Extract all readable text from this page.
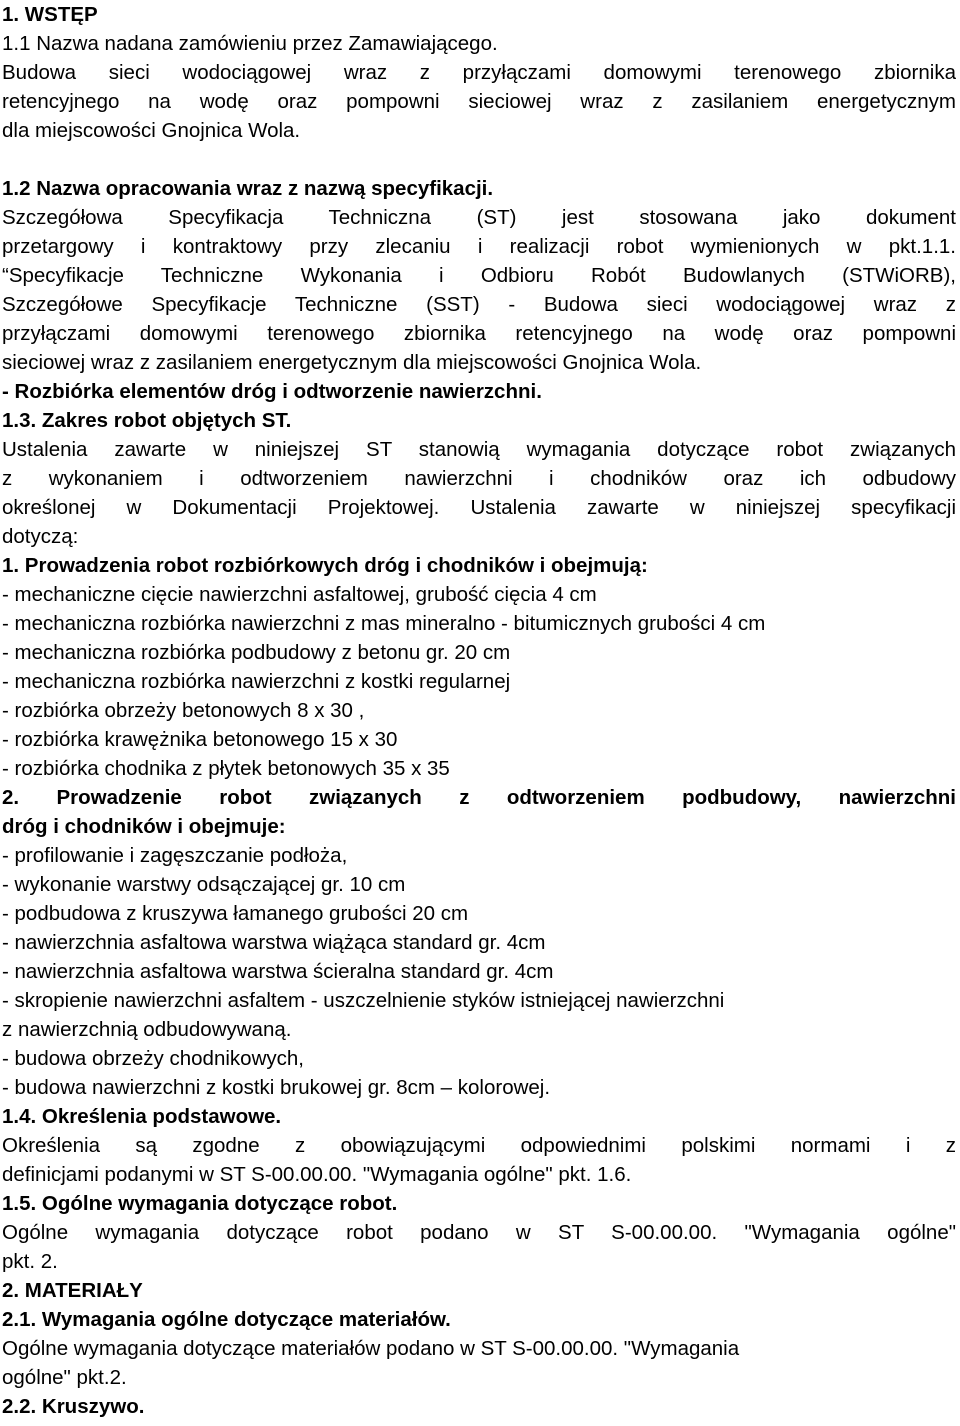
1. WSTĘP
1.1 Nazwa nadana zamówieniu przez Zamawiającego.
Budowa sieci wodociągowej wraz z przyłączami domowymi terenowego zbiornika
retencyjnego na wodę oraz pompowni sieciowej wraz z zasilaniem energetycznym
dla miejscowości Gnojnica Wola.
1.2 Nazwa opracowania wraz z nazwą specyfikacji.
Szczegółowa Specyfikacja Techniczna (ST) jest stosowana jako dokument
przetargowy i kontraktowy przy zlecaniu i realizacji robot wymienionych w pkt.1.1.
“Specyfikacje Techniczne Wykonania i Odbioru Robót Budowlanych (STWiORB),
Szczegółowe Specyfikacje Techniczne (SST) - Budowa sieci wodociągowej wraz z
przyłączami domowymi terenowego zbiornika retencyjnego na wodę oraz pompowni
sieciowej wraz z zasilaniem energetycznym dla miejscowości Gnojnica Wola.
- Rozbiórka elementów dróg i odtworzenie nawierzchni.
1.3. Zakres robot objętych ST.
Ustalenia zawarte w niniejszej ST stanowią wymagania dotyczące robot związanych
z wykonaniem i odtworzeniem nawierzchni i chodników oraz ich odbudowy
określonej w Dokumentacji Projektowej. Ustalenia zawarte w niniejszej specyfikacji
dotyczą:
1. Prowadzenia robot rozbiórkowych dróg i chodników i obejmują:
- mechaniczne cięcie nawierzchni asfaltowej, grubość cięcia 4 cm
- mechaniczna rozbiórka nawierzchni z mas mineralno - bitumicznych grubości 4 cm
- mechaniczna rozbiórka podbudowy z betonu gr. 20 cm
- mechaniczna rozbiórka nawierzchni z kostki regularnej
- rozbiórka obrzeży betonowych 8 x 30 ,
- rozbiórka krawężnika betonowego 15 x 30
- rozbiórka chodnika z płytek betonowych 35 x 35
2. Prowadzenie robot związanych z odtworzeniem podbudowy, nawierzchni
dróg i chodników i obejmuje:
- profilowanie i zagęszczanie podłoża,
- wykonanie warstwy odsączającej gr. 10 cm
- podbudowa z kruszywa łamanego grubości 20 cm
- nawierzchnia asfaltowa warstwa wiążąca standard gr. 4cm
- nawierzchnia asfaltowa warstwa ścieralna standard gr. 4cm
- skropienie nawierzchni asfaltem - uszczelnienie styków istniejącej nawierzchni
z nawierzchnią odbudowywaną.
- budowa obrzeży chodnikowych,
- budowa nawierzchni z kostki brukowej gr. 8cm – kolorowej.
1.4. Określenia podstawowe.
Określenia są zgodne z obowiązującymi odpowiednimi polskimi normami i z
definicjami podanymi w ST S-00.00.00. "Wymagania ogólne" pkt. 1.6.
1.5. Ogólne wymagania dotyczące robot.
Ogólne wymagania dotyczące robot podano w ST S-00.00.00. "Wymagania ogólne"
pkt. 2.
2. MATERIAŁY
2.1. Wymagania ogólne dotyczące materiałów.
Ogólne wymagania dotyczące materiałów podano w ST S-00.00.00. "Wymagania
ogólne" pkt.2.
2.2. Kruszywo.
